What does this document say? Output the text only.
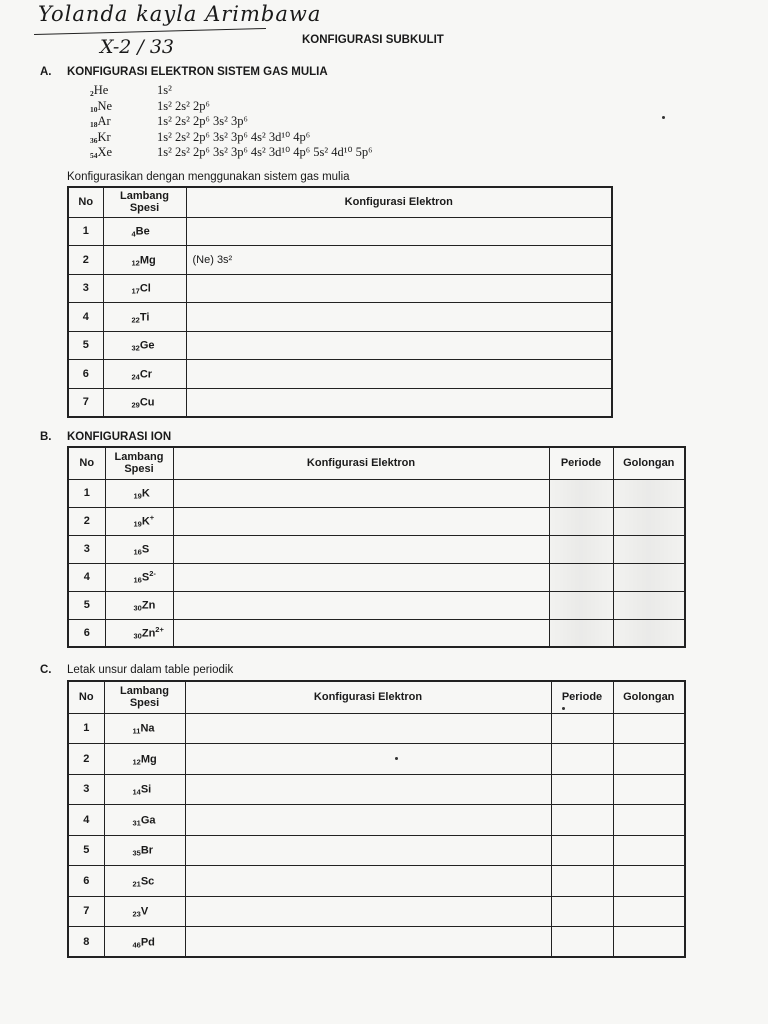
Yolanda kayla Arimbawa
X-2 / 33	KONFIGURASI SUBKULIT
A. KONFIGURASI ELEKTRON SISTEM GAS MULIA
$_2$He	1s²
$_{10}$Ne	1s² 2s² 2p⁶
$_{18}$Ar	1s² 2s² 2p⁶ 3s² 3p⁶
$_{36}$Kr	1s² 2s² 2p⁶ 3s² 3p⁶ 4s² 3d¹⁰ 4p⁶
$_{54}$Xe	1s² 2s² 2p⁶ 3s² 3p⁶ 4s² 3d¹⁰ 4p⁶ 5s² 4d¹⁰ 5p⁶
Konfigurasikan dengan menggunakan sistem gas mulia
No	Lambang Spesi	Konfigurasi Elektron
1	$_4$Be	
2	$_{12}$Mg	(Ne) 3s²
3	$_{17}$Cl	
4	$_{22}$Ti	
5	$_{32}$Ge	
6	$_{24}$Cr	
7	$_{29}$Cu	
B. KONFIGURASI ION
No	Lambang Spesi	Konfigurasi Elektron	Periode	Golongan
1	$_{19}$K			
2	$_{19}$K+			
3	$_{16}$S			
4	$_{16}S^{2-}$			
5	$_{30}$Zn			
6	$_{30}Zn^{2+}$			
C. Letak unsur dalam table periodik
No	Lambang Spesi	Konfigurasi Elektron	Periode	Golongan
1	$_{11}$Na			
2	$_{12}$Mg			
3	$_{14}$Si			
4	$_{31}$Ga			
5	$_{35}$Br			
6	$_{21}$Sc			
7	$_{23}$V			
8	$_{46}$Pd			
